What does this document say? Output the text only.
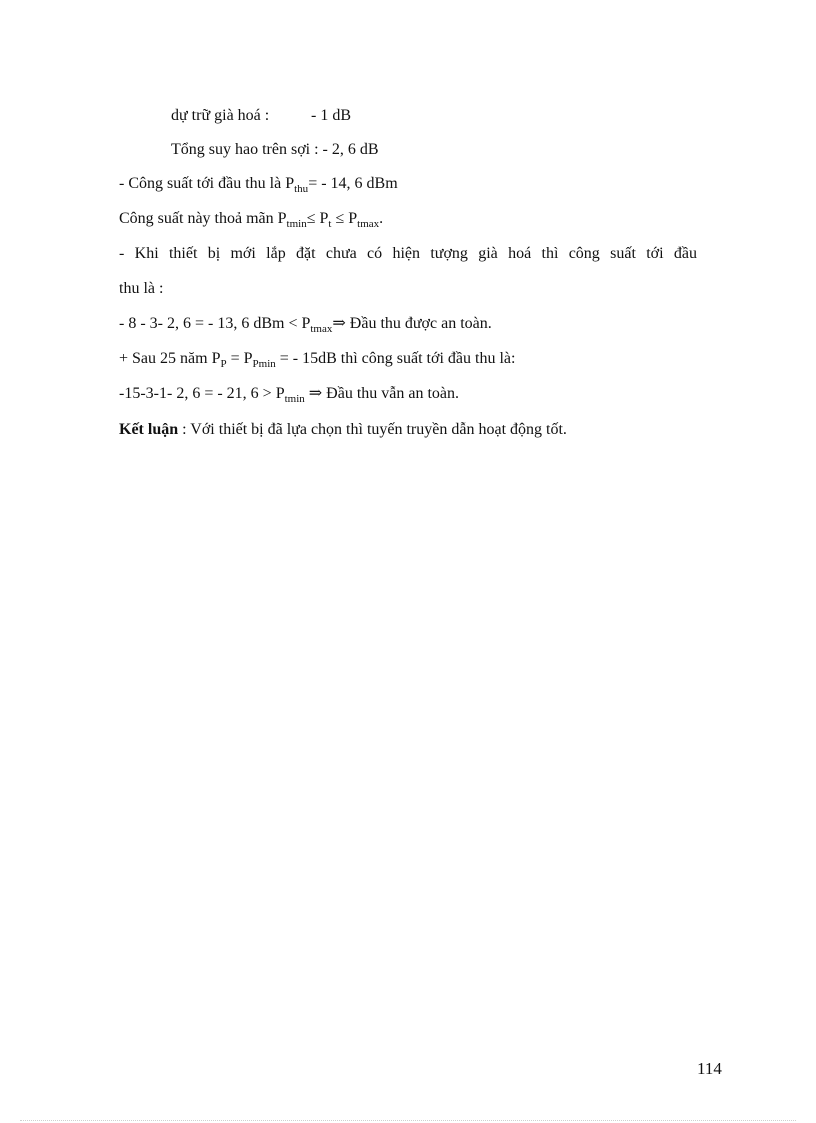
dự trữ già hoá :	- 1 dB
Tổng suy hao trên sợi : - 2, 6 dB
- Công suất tới đầu thu là $P_{thu}= - 14$, 6 dBm
Công suất này thoả mãn $P_{tmin}\le P_t \le P_{tmax}$.
- Khi thiết bị mới lắp đặt chưa có hiện tượng già hoá thì công suất tới đầu
thu là :
- 8 - 3- 2, 6 = - 13, 6 dBm < $P_{tmax}\Rightarrow$ Đầu thu được an toàn.
+ Sau 25 năm $P_P = P_{Pmin}$ = - 15dB thì công suất tới đầu thu là:
-15-3-1- 2, 6 = - 21, $6 > P_{tmin}$ ⇒ Đầu thu vẫn an toàn.
Kết luận : Với thiết bị đã lựa chọn thì tuyến truyền dẫn hoạt động tốt.
114
